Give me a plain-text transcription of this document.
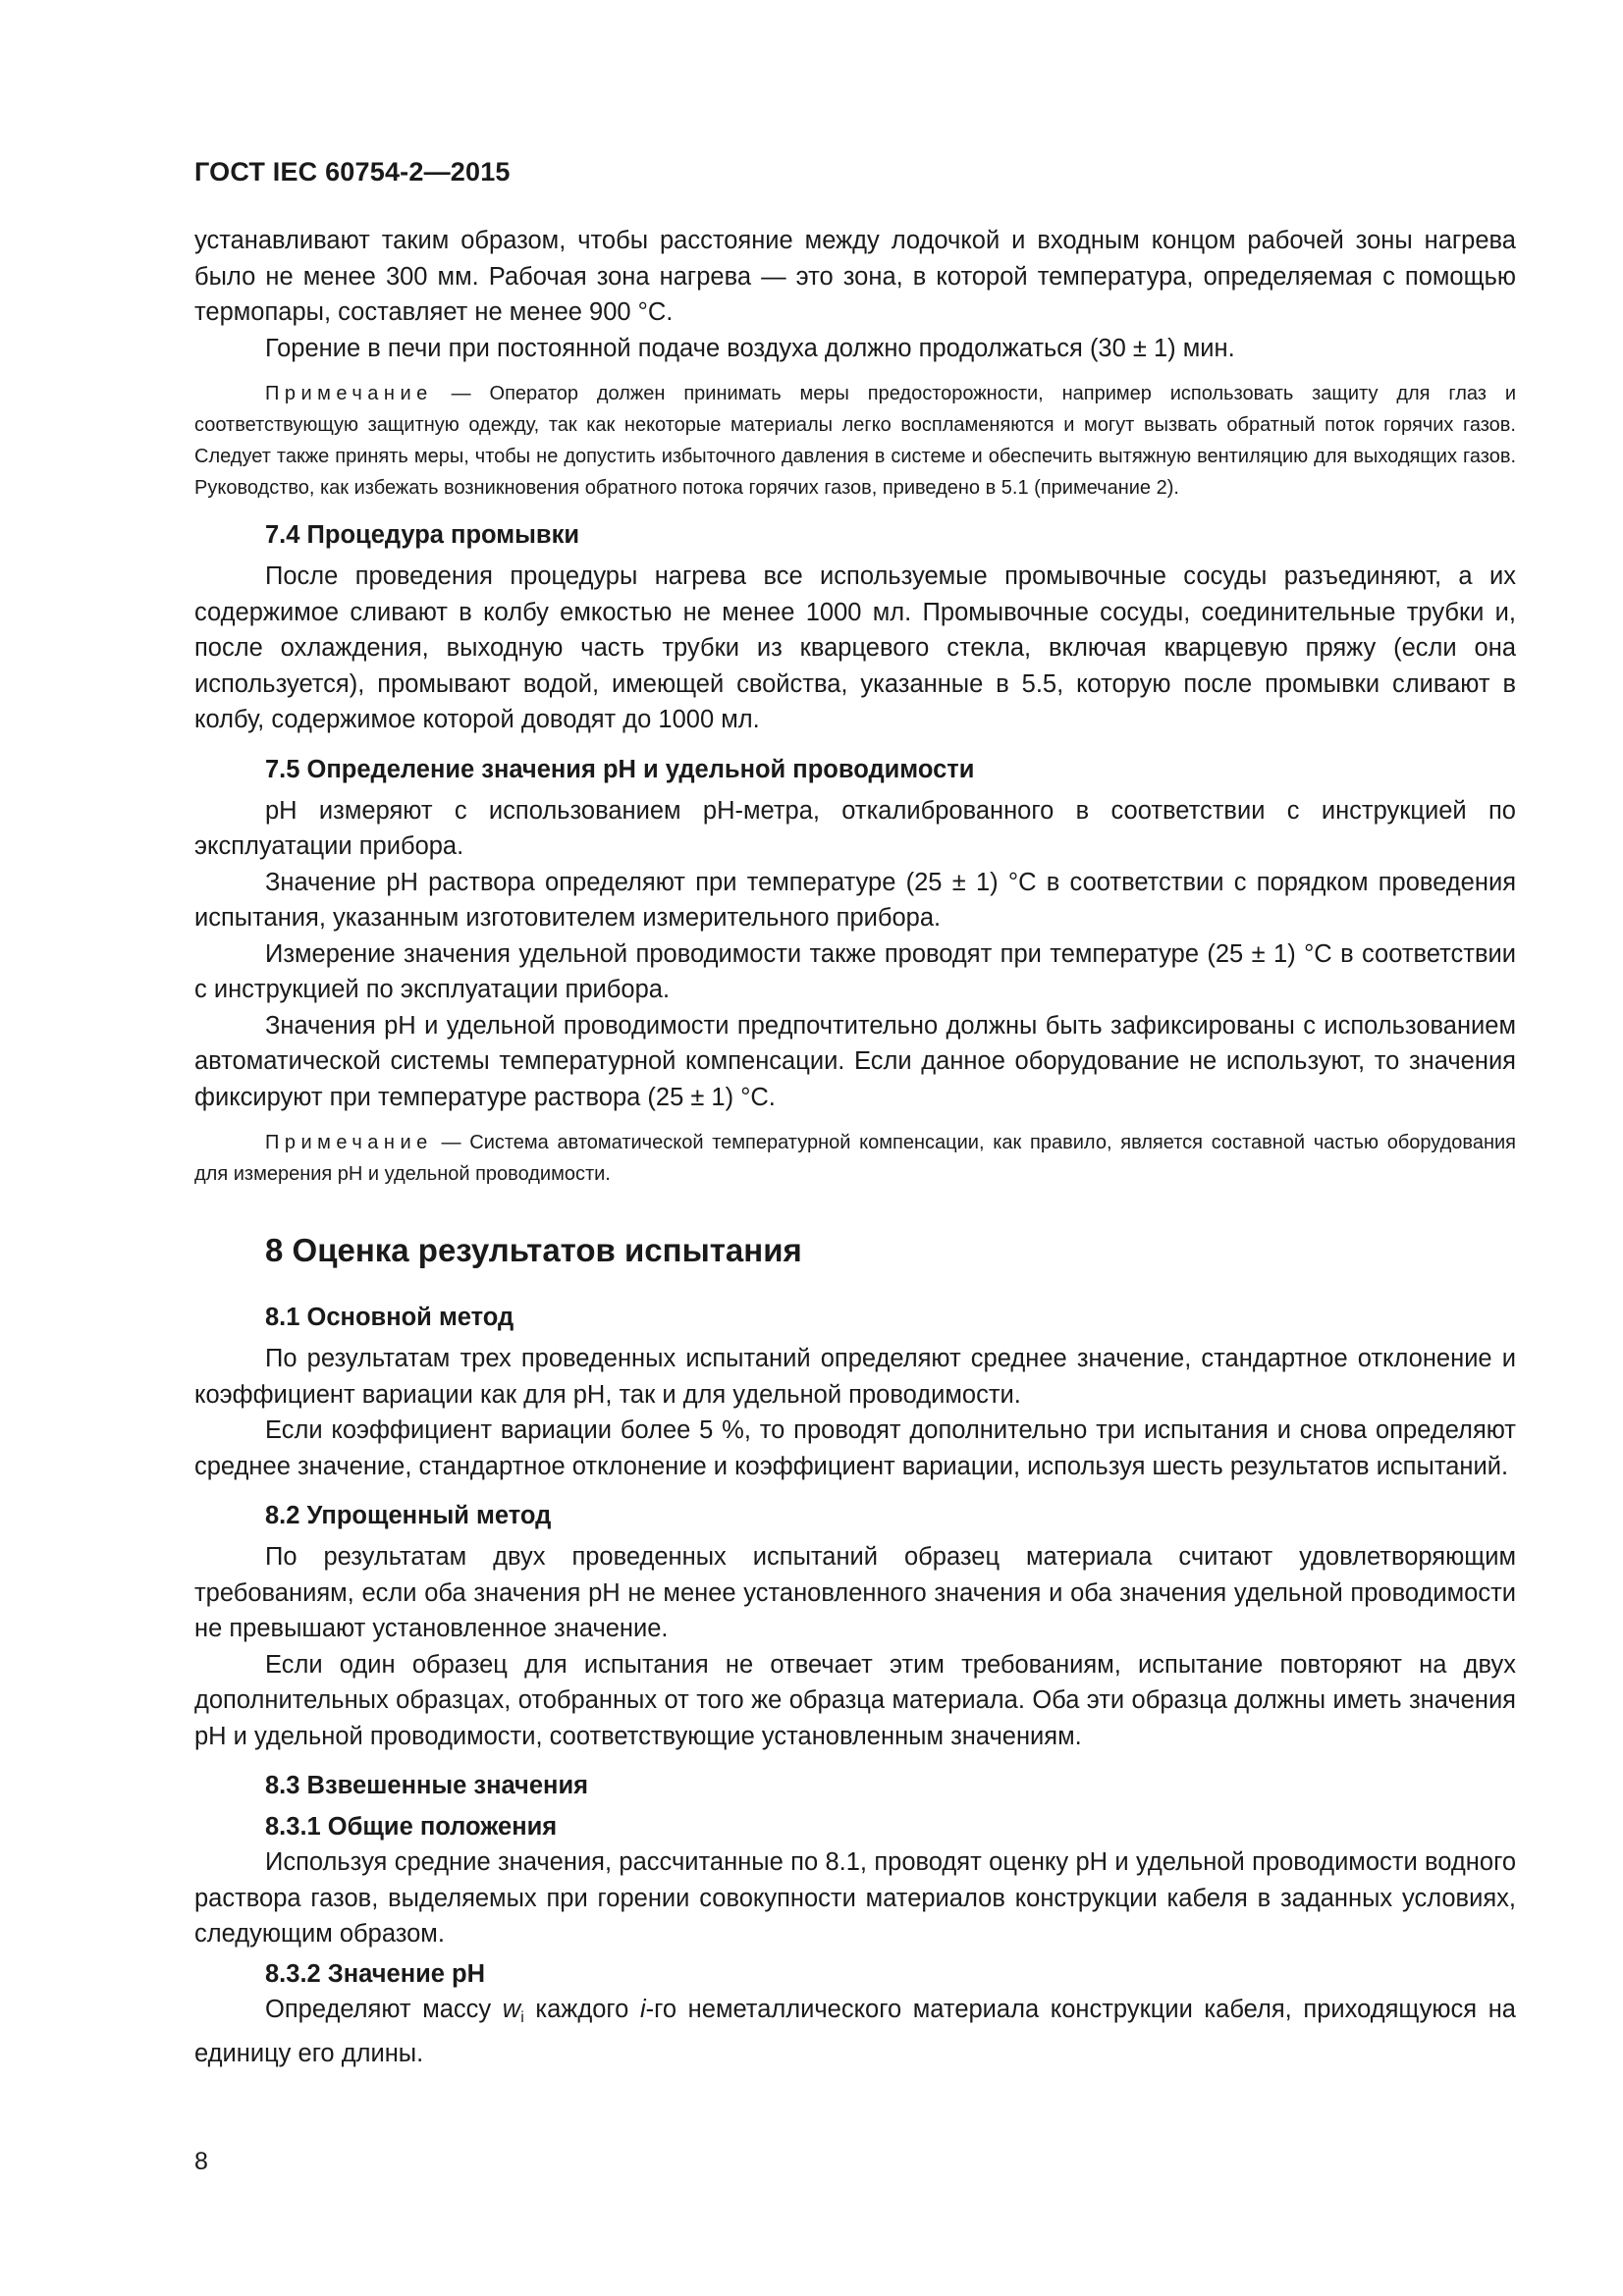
ГОСТ IEC 60754-2—2015

устанавливают таким образом, чтобы расстояние между лодочкой и входным концом рабочей зоны нагрева было не менее 300 мм. Рабочая зона нагрева — это зона, в которой температура, определяемая с помощью термопары, составляет не менее 900 °С.

Горение в печи при постоянной подаче воздуха должно продолжаться (30 ± 1) мин.

Примечание — Оператор должен принимать меры предосторожности, например использовать защиту для глаз и соответствующую защитную одежду, так как некоторые материалы легко воспламеняются и могут вызвать обратный поток горячих газов. Следует также принять меры, чтобы не допустить избыточного давления в системе и обеспечить вытяжную вентиляцию для выходящих газов. Руководство, как избежать возникновения обратного потока горячих газов, приведено в 5.1 (примечание 2).
7.4 Процедура промывки

После проведения процедуры нагрева все используемые промывочные сосуды разъединяют, а их содержимое сливают в колбу емкостью не менее 1000 мл. Промывочные сосуды, соединительные трубки и, после охлаждения, выходную часть трубки из кварцевого стекла, включая кварцевую пряжу (если она используется), промывают водой, имеющей свойства, указанные в 5.5, которую после промывки сливают в колбу, содержимое которой доводят до 1000 мл.

7.5 Определение значения pH и удельной проводимости

pH измеряют с использованием pH-метра, откалиброванного в соответствии с инструкцией по эксплуатации прибора.

Значение pH раствора определяют при температуре (25 ± 1) °С в соответствии с порядком проведения испытания, указанным изготовителем измерительного прибора.

Измерение значения удельной проводимости также проводят при температуре (25 ± 1) °С в соответствии с инструкцией по эксплуатации прибора.

Значения pH и удельной проводимости предпочтительно должны быть зафиксированы с использованием автоматической системы температурной компенсации. Если данное оборудование не используют, то значения фиксируют при температуре раствора (25 ± 1) °С.

Примечание — Система автоматической температурной компенсации, как правило, является составной частью оборудования для измерения pH и удельной проводимости.
8 Оценка результатов испытания
8.1 Основной метод

По результатам трех проведенных испытаний определяют среднее значение, стандартное отклонение и коэффициент вариации как для pH, так и для удельной проводимости.

Если коэффициент вариации более 5 %, то проводят дополнительно три испытания и снова определяют среднее значение, стандартное отклонение и коэффициент вариации, используя шесть результатов испытаний.

8.2 Упрощенный метод

По результатам двух проведенных испытаний образец материала считают удовлетворяющим требованиям, если оба значения pH не менее установленного значения и оба значения удельной проводимости не превышают установленное значение.

Если один образец для испытания не отвечает этим требованиям, испытание повторяют на двух дополнительных образцах, отобранных от того же образца материала. Оба эти образца должны иметь значения pH и удельной проводимости, соответствующие установленным значениям.

8.3 Взвешенные значения
8.3.1 Общие положения

Используя средние значения, рассчитанные по 8.1, проводят оценку pH и удельной проводимости водного раствора газов, выделяемых при горении совокупности материалов конструкции кабеля в заданных условиях, следующим образом.

8.3.2 Значение pH

Определяют массу $w_i$ каждого i-го неметаллического материала конструкции кабеля, приходящуюся на единицу его длины.

8
